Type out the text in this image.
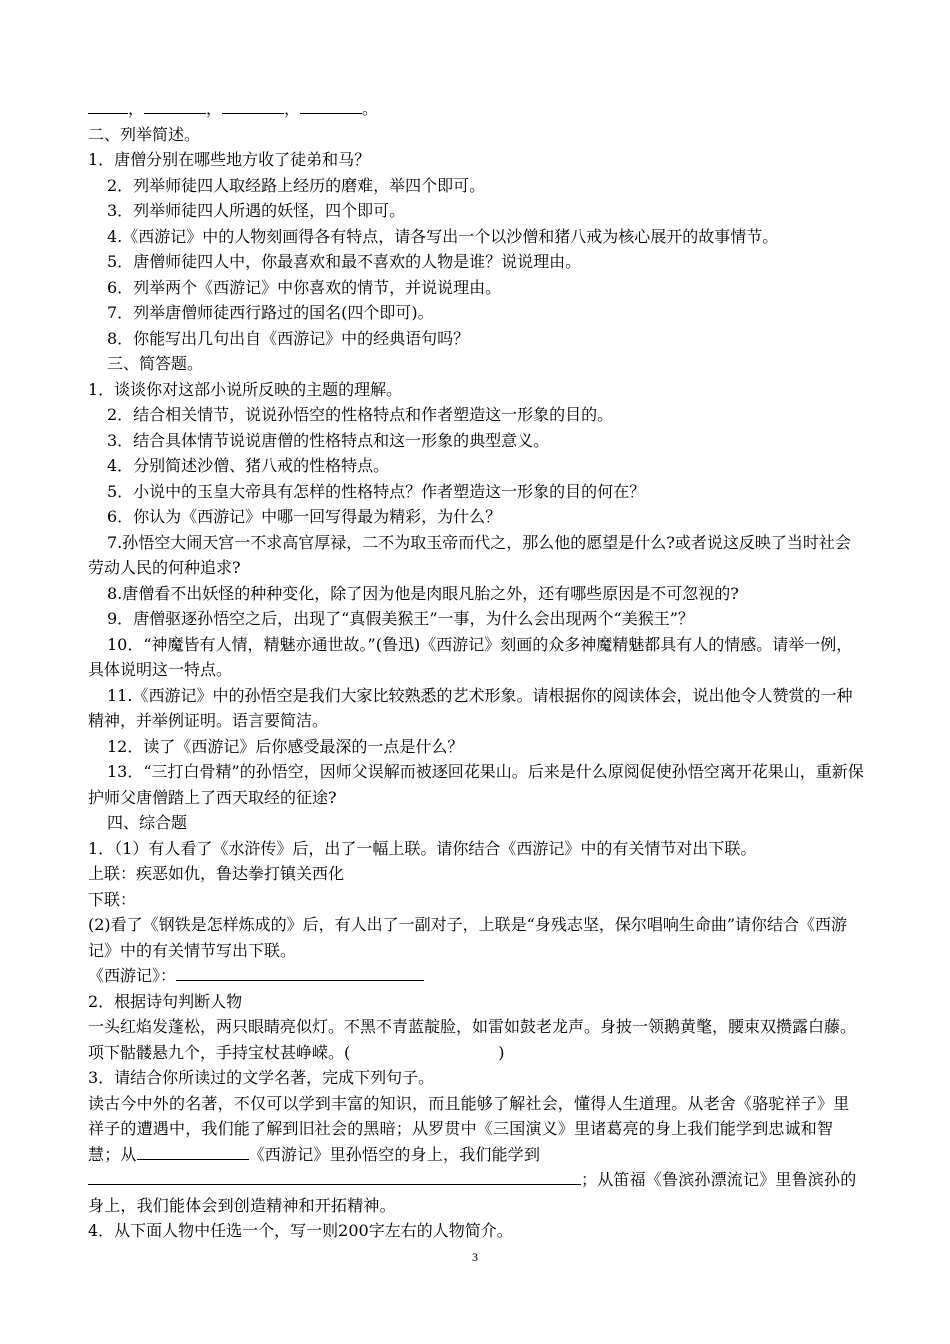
，	，	，	。
二、列举简述。
1．唐僧分别在哪些地方收了徒弟和马？
2．列举师徒四人取经路上经历的磨难，举四个即可。
3．列举师徒四人所遇的妖怪，四个即可。
4.《西游记》中的人物刻画得各有特点，请各写出一个以沙僧和猪八戒为核心展开的故事情节。
5．唐僧师徒四人中，你最喜欢和最不喜欢的人物是谁？说说理由。
6．列举两个《西游记》中你喜欢的情节，并说说理由。
7．列举唐僧师徒西行路过的国名(四个即可)。
8．你能写出几句出自《西游记》中的经典语句吗？
三、简答题。
1．谈谈你对这部小说所反映的主题的理解。
2．结合相关情节，说说孙悟空的性格特点和作者塑造这一形象的目的。
3．结合具体情节说说唐僧的性格特点和这一形象的典型意义。
4．分别简述沙僧、猪八戒的性格特点。
5．小说中的玉皇大帝具有怎样的性格特点？作者塑造这一形象的目的何在？
6．你认为《西游记》中哪一回写得最为精彩，为什么？
7.孙悟空大闹天宫一不求高官厚禄，二不为取玉帝而代之，那么他的愿望是什么?或者说这反映了当时社会劳动人民的何种追求?
8.唐僧看不出妖怪的种种变化，除了因为他是肉眼凡胎之外，还有哪些原因是不可忽视的?
9．唐僧驱逐孙悟空之后，出现了“真假美猴王”一事，为什么会出现两个“美猴王”？
10．“神魔皆有人情，精魅亦通世故。”(鲁迅)《西游记》刻画的众多神魔精魅都具有人的情感。请举一例，具体说明这一特点。
11.《西游记》中的孙悟空是我们大家比较熟悉的艺术形象。请根据你的阅读体会，说出他令人赞赏的一种精神，并举例证明。语言要简洁。
12．读了《西游记》后你感受最深的一点是什么？
13．“三打白骨精”的孙悟空，因师父误解而被逐回花果山。后来是什么原阅促使孙悟空离开花果山，重新保护师父唐僧踏上了西天取经的征途?
四、综合题
1．（1）有人看了《水浒传》后，出了一幅上联。请你结合《西游记》中的有关情节对出下联。
上联：疾恶如仇，鲁达拳打镇关西化
下联：
(2)看了《钢铁是怎样炼成的》后，有人出了一副对子，上联是“身残志坚，保尔唱响生命曲”请你结合《西游记》中的有关情节写出下联。
《西游记》：
2．根据诗句判断人物
一头红焰发蓬松，两只眼睛亮似灯。不黑不青蓝靛脸，如雷如鼓老龙声。身披一领鹅黄氅，腰束双攒露白藤。项下骷髅悬九个，手持宝杖甚峥嵘。(	)
3．请结合你所读过的文学名著，完成下列句子。
读古今中外的名著，不仅可以学到丰富的知识，而且能够了解社会，懂得人生道理。从老舍《骆驼祥子》里祥子的遭遇中，我们能了解到旧社会的黑暗；从罗贯中《三国演义》里诸葛亮的身上我们能学到忠诚和智慧；从	《西游记》里孙悟空的身上，我们能学到；从笛福《鲁滨孙漂流记》里鲁滨孙的身上，我们能体会到创造精神和开拓精神。
4．从下面人物中任选一个，写一则200字左右的人物简介。
3
